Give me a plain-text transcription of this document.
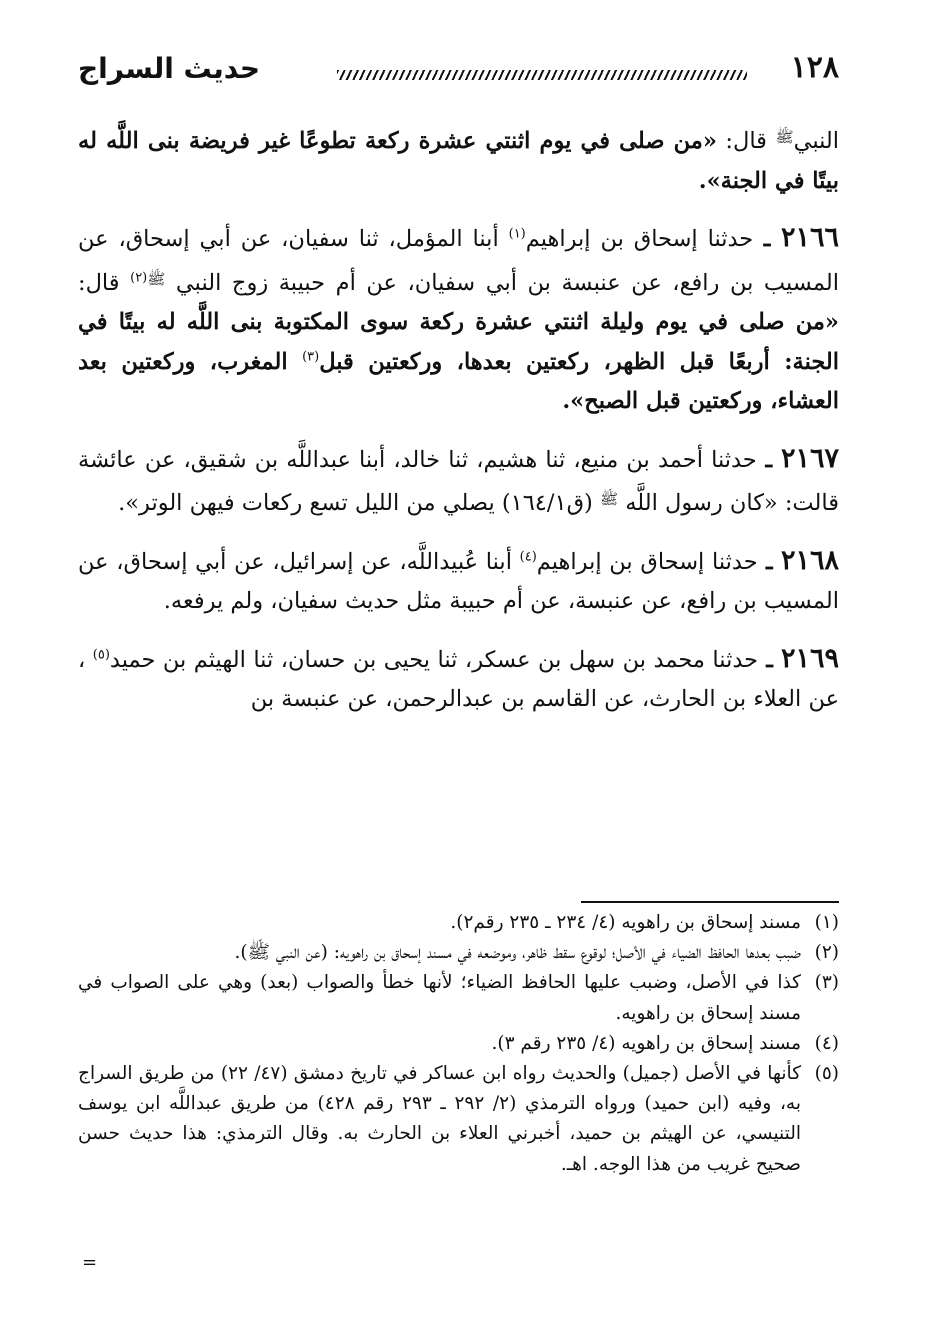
١٢٨
حديث السراج

النبي$^ﷺ$ قال: «من صلى في يوم اثنتي عشرة ركعة تطوعًا غير فريضة بنى اللَّه له بيتًا في الجنة».

٢١٦٦ ـ حدثنا إسحاق بن إبراهيم$^{(١)}$ أبنا المؤمل، ثنا سفيان، عن أبي إسحاق، عن المسيب بن رافع، عن عنبسة بن أبي سفيان، عن أم حبيبة زوج النبي $^{ﷺ(٢)}$ قال: «من صلى في يوم وليلة اثنتي عشرة ركعة سوى المكتوبة بنى اللَّه له بيتًا في الجنة: أربعًا قبل الظهر، ركعتين بعدها، وركعتين قبل$^{(٣)}$ المغرب، وركعتين بعد العشاء، وركعتين قبل الصبح».

٢١٦٧ ـ حدثنا أحمد بن منيع، ثنا هشيم، ثنا خالد، أبنا عبداللَّه بن شقيق، عن عائشة قالت: «كان رسول اللَّه $^ﷺ$ (ق١٦٤/١) يصلي من الليل تسع ركعات فيهن الوتر».

٢١٦٨ ـ حدثنا إسحاق بن إبراهيم$^{(٤)}$ أبنا عُبيداللَّه، عن إسرائيل، عن أبي إسحاق، عن المسيب بن رافع، عن عنبسة، عن أم حبيبة مثل حديث سفيان، ولم يرفعه.

٢١٦٩ ـ حدثنا محمد بن سهل بن عسكر، ثنا يحيى بن حسان، ثنا الهيثم بن حميد$^{(٥)}$ ، عن العلاء بن الحارث، عن القاسم بن عبدالرحمن، عن عنبسة بن

(١)
مسند إسحاق بن راهويه (٤/ ٢٣٤ ـ ٢٣٥ رقم٢).
(٢)
ضبب بعدها الحافظ الضياء في الأصل؛ لوقوع سقط ظاهر، وموضعه في مسند إسحاق بن راهويه: (عن النبي ﷺ).
(٣)
كذا في الأصل، وضبب عليها الحافظ الضياء؛ لأنها خطأ والصواب (بعد) وهي على الصواب في مسند إسحاق بن راهويه.
(٤)
مسند إسحاق بن راهويه (٤/ ٢٣٥ رقم ٣).
(٥)
كأنها في الأصل (جميل) والحديث رواه ابن عساكر في تاريخ دمشق (٤٧/ ٢٢) من طريق السراج به، وفيه (ابن حميد) ورواه الترمذي (٢/ ٢٩٢ ـ ٢٩٣ رقم ٤٢٨) من طريق عبداللَّه ابن يوسف التنيسي، عن الهيثم بن حميد، أخبرني العلاء بن الحارث به. وقال الترمذي: هذا حديث حسن صحيح غريب من هذا الوجه. اهـ.
=
